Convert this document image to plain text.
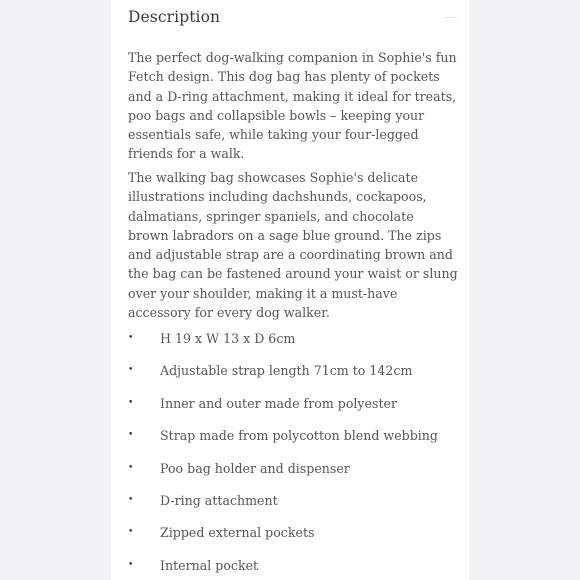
Description

The perfect dog-walking companion in Sophie's fun Fetch design. This dog bag has plenty of pockets and a D-ring attachment, making it ideal for treats, poo bags and collapsible bowls – keeping your essentials safe, while taking your four-legged friends for a walk.

The walking bag showcases Sophie's delicate illustrations including dachshunds, cockapoos, dalmatians, springer spaniels, and chocolate brown labradors on a sage blue ground. The zips and adjustable strap are a coordinating brown and the bag can be fastened around your waist or slung over your shoulder, making it a must-have accessory for every dog walker.

•	H 19 x W 13 x D 6cm
•	Adjustable strap length 71cm to 142cm
•	Inner and outer made from polyester
•	Strap made from polycotton blend webbing
•	Poo bag holder and dispenser
•	D-ring attachment
•	Zipped external pockets
•	Internal pocket
